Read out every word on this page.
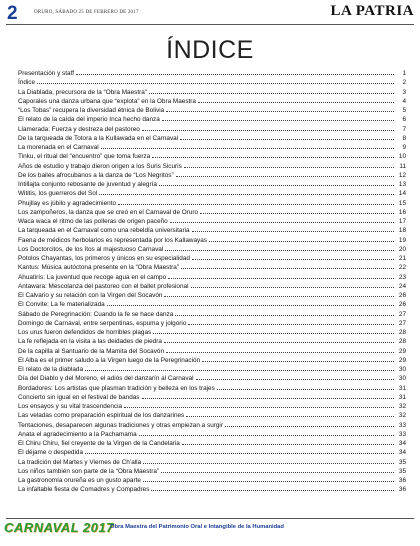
2	ORURO, SÁBADO 25 DE FEBRERO DE 2017	LA PATRIA
ÍNDICE
Presentación y staff	1
Índice	2
La Diablada, precursora de la “Obra Maestra”	3
Caporales una danza urbana que “explota” en la Obra Maestra	4
“Los Tobas” recupera la diversidad étnica de Bolivia	5
El relato de la caída del imperio Inca hecho danza	6
Llamerada: Fuerza y destreza del pastoreo	7
De la tarqueada de Totora a la Kullawada en el Carnaval	8
La morenada en el Carnaval	9
Tinku, el ritual del “encuentro” que toma fuerza	10
Años de estudio y trabajo dieron origen a los Suris Sicuris	11
De los bailes afrocubanos a la danza de “Los Negritos”	12
Intillajta conjunto rebosante de juventud y alegría	13
Wititis, los guerreros del Sol	14
Phujllay es júbilo y agradecimiento	15
Los zampoñeros, la danza que se creó en el Carnaval de Oruro	16
Waca waca el ritmo de las polleras de origen paceño	17
La tarqueada en el Carnaval como una rebeldía universitaria	18
Faena de médicos herbolarios es representada por los Kallawayas	19
Los Doctorcitos, de los ítos al majestuoso Carnaval	20
Potolos Chayantas, los primeros y únicos en su especialidad	21
Kantus: Música autóctona presente en la “Obra Maestra”	22
Ahuatirís: La juventud que recoge agua en el campo	23
Antawara: Mescolanza del pastoreo con el ballet profesional	24
El Calvario y su relación con la Virgen del Socavón	26
El Convite: La fe materializada	26
Sábado de Peregrinación: Cuando la fe se hace danza	27
Domingo de Carnaval, entre serpentinas, espuma y jolgorio	27
Los urus fueron defendidos de horribles plagas	28
La fe reflejada en la visita a las deidades de piedra	28
De la capilla al Santuario de la Mamita del Socavón	29
El Alba es el primer saludo a la Virgen luego de la Peregrinación	29
El relato de la diablada	30
Día del Diablo y del Moreno, el adiós del danzarín al Carnaval	30
Bordadores: Los artistas que plasman tradición y belleza en los trajes	31
Concierto sin igual en el festival de bandas	31
Los ensayos y su vital trascendencia	32
Las veladas como preparación espiritual de los danzarines	32
Tentaciones, desaparecen algunas tradiciones y otras empiezan a surgir	33
Anata el agradecimiento a la Pachamama	33
El Chiru Chiru, fiel creyente de la Virgen de la Candelaria	34
El déjame o despedida	34
La tradición del Martes y Viernes de Ch’alla	35
Los niños también son parte de la “Obra Maestra”	35
La gastronomía orureña es un gusto aparte	36
La infaltable fiesta de Comadres y Compadres	36
CARNAVAL 2017
Obra Maestra del Patrimonio Oral e Intangible de la Humanidad
